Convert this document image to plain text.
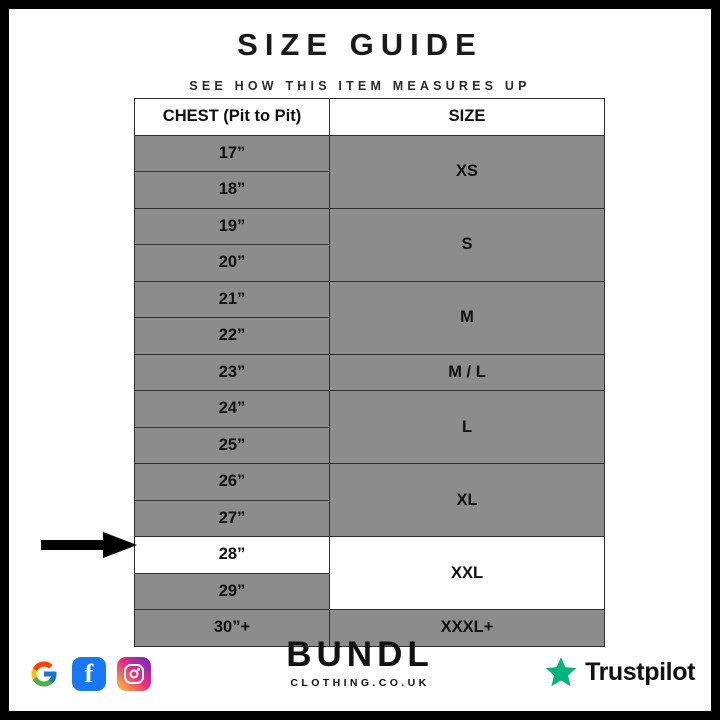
SIZE GUIDE
SEE HOW THIS ITEM MEASURES UP
CHEST (Pit to Pit)	SIZE
17”	XS
18”	
19”	S
20”	
21”	M
22”	
23”	M / L
24”	L
25”	
26”	XL
27”	
28”	XXL
29”	
30”+	XXXL+
f	BUNDL
CLOTHING.CO.UK	Trustpilot
